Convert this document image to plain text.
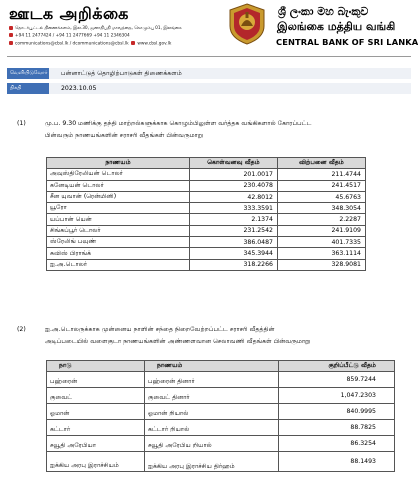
ஊடக அறிக்கை
தொடர்பூட்டல் திணைக்களம், இல.30, ஜனாதிபதி மாவத்தை, கொழும்பு 01, இலங்கை
+94 11 2477424 / +94 11 2477669 +94 11 2346304
communications@cbsl.lk / dcommunications@cbsl.lk www.cbsl.gov.lk
ශ්‍රී ලංකා මහ බැංකුව
இலங்கை மத்திய வங்கி
CENTRAL BANK OF SRI LANKA
வெளியிடுவோர்	பன்னாட்டுத் தொழிற்பாடுகள் திணைக்களம்
திகதி	2023.10.05
(1)	மு.ப. 9.30 மணிக்கு தந்தி மாற்றல்களுக்காக கொழும்பிலுள்ள வர்த்தக வங்கிகளால் கோரப்பட்ட
பின்வரும் நாணயங்களின் சராசரி வீதங்கள் பின்வருமாறு
நாணயம்	கொள்வனவு வீதம்	விற்பனை வீதம்
அவுஸ்திரேலியன் டொலர்	201.0017	211.4744
கனேடியன் டொலர்	230.4078	241.4517
சீன யுவான் (ரென்மினி)	42.8012	45.6763
யூரோ	333.3591	348.3054
யப்பான் யென்	2.1374	2.2287
சிங்கப்பூர் டொலர்	231.2542	241.9109
ஸ்ரேலிங் பவுண்	386.0487	401.7335
சுவிஸ் பிராங்க்	345.3944	363.1114
ஐ.அ.டொலர்	318.2266	328.9081
(2)	ஐ.அ.டொலருக்காக முன்னைய நாளின் சந்தை நிறைவேற்றப்பட்ட சராசரி வீதத்தின்
அடிப்படையில் வளைகுடா நாணயங்களின் அண்ணளவான செலாவணி வீதங்கள் பின்வருமாறு
நாடு	நாணயம்	குறிப்பீட்டு வீதம்
பஹ்ரைன்	பஹ்ரைன் தினார்	859.7244
குவைட்	குவைட் தினார்	1,047.2303
ஓமான்	ஓமான் றியால்	840.9995
கட்டார்	கட்டார் றியால்	88.7825
சவூதி அரேபியா	சவூதி அரேபிய றியால்	86.3254
ஐக்கிய அரபு இராச்சியம்	ஐக்கிய அரபு இராச்சிய திர்ஹம்	88.1493
